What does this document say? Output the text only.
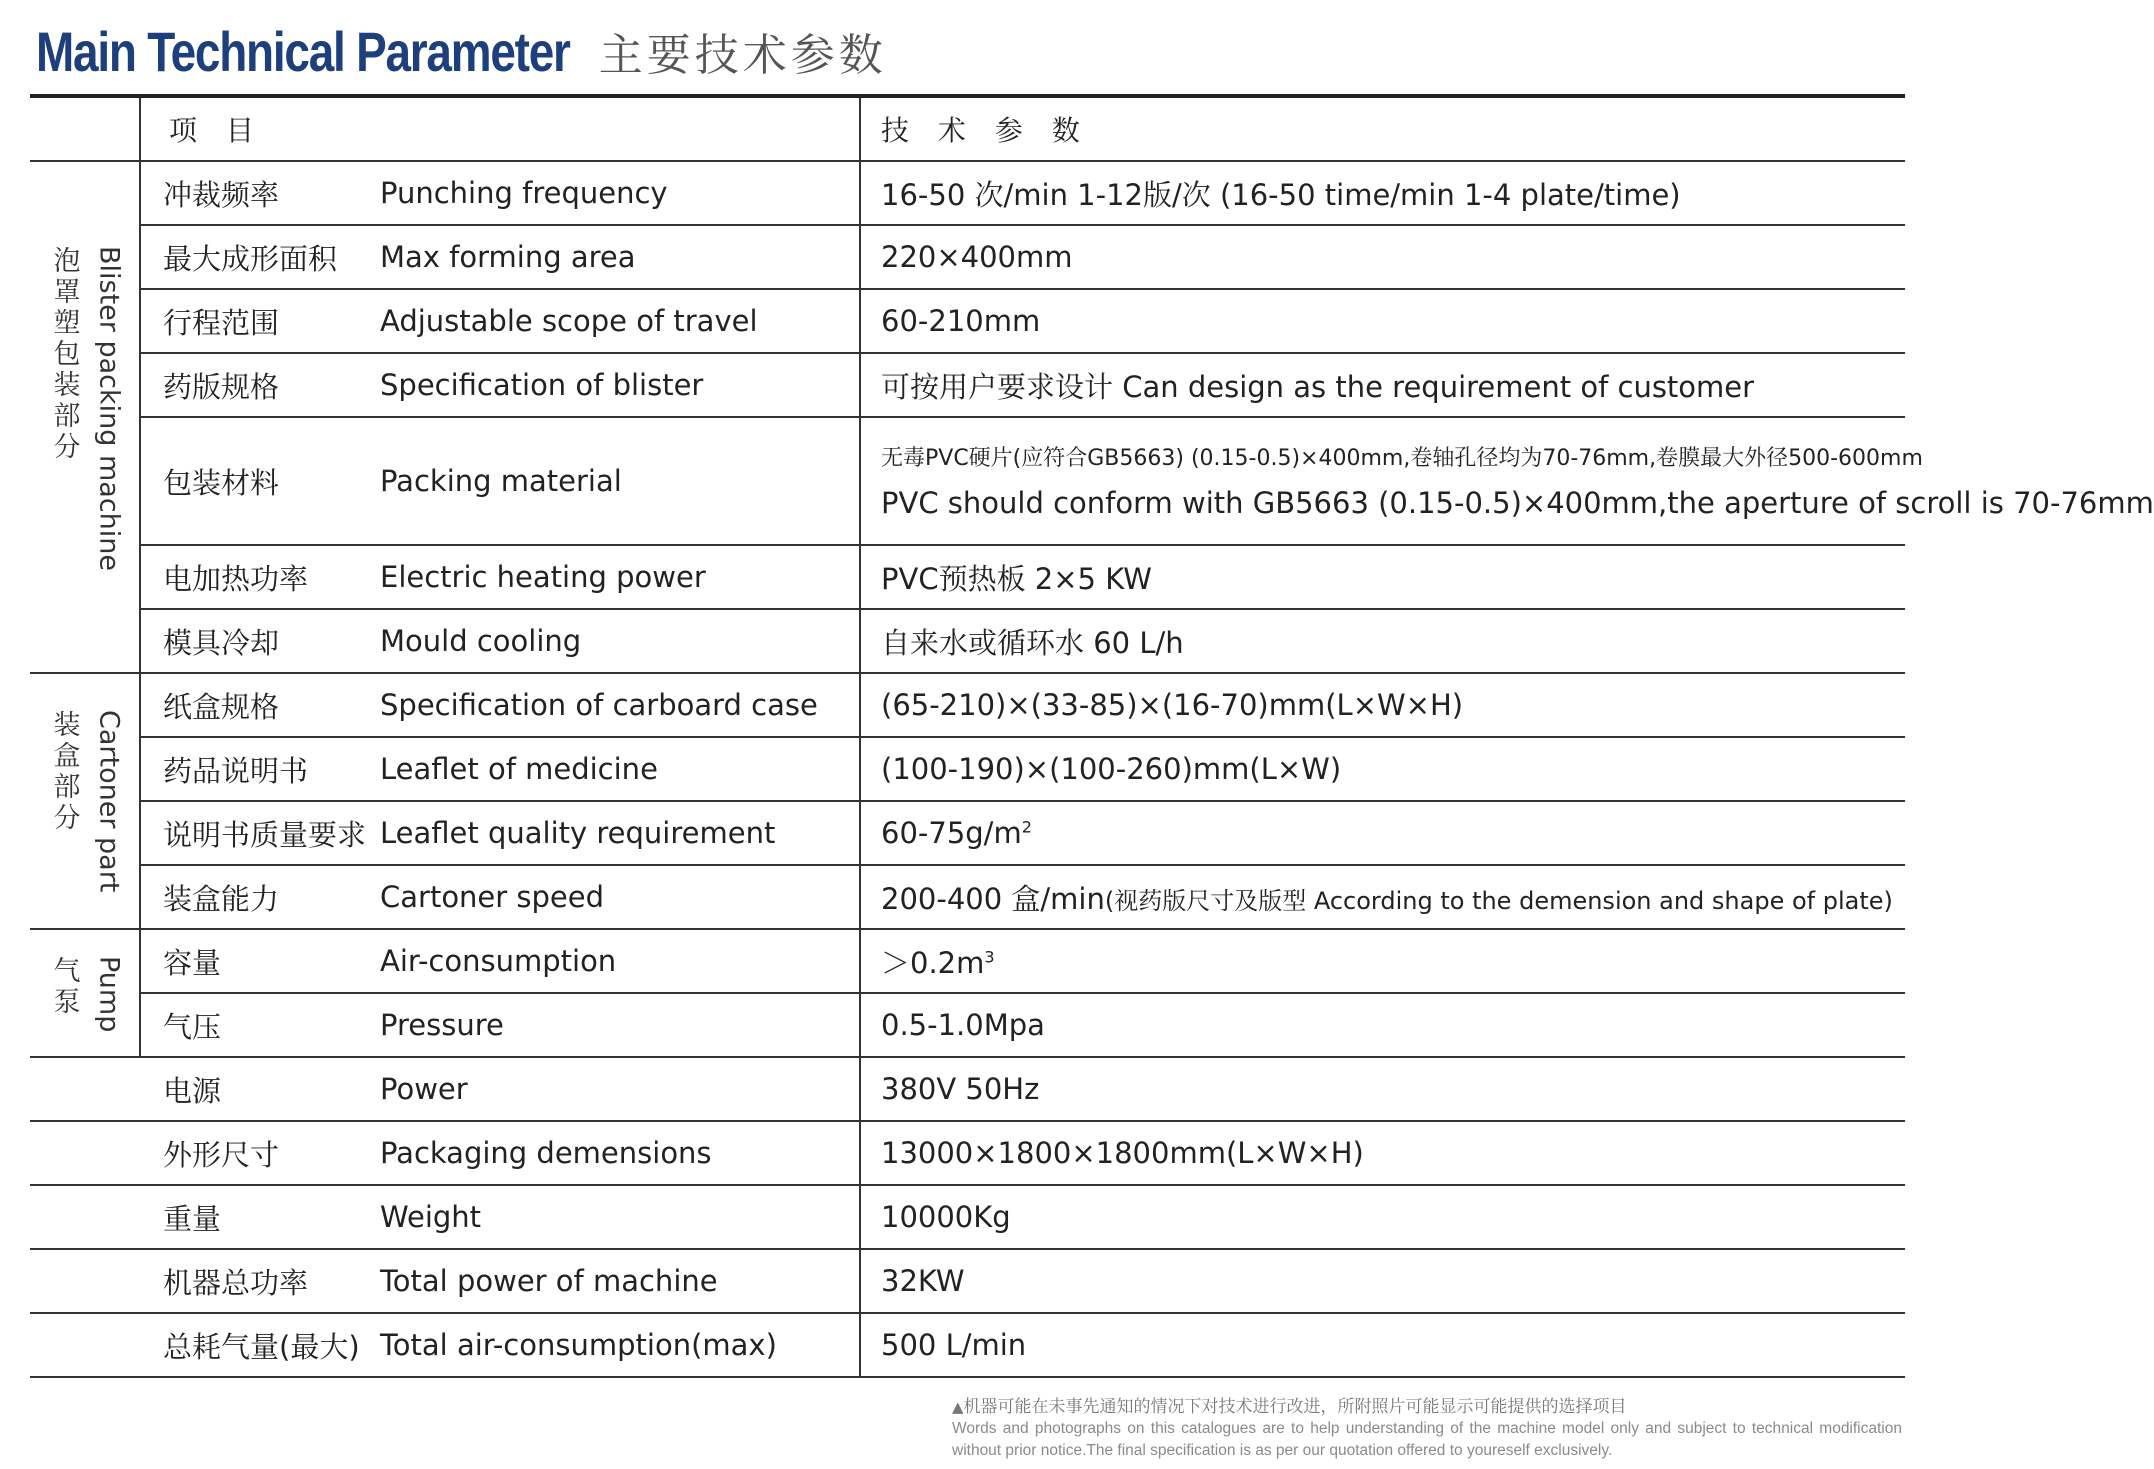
Main Technical Parameter 主要技术参数
	项 目		技 术 参 数

泡罩塑包装部分 Blister packing machine	冲裁频率	Punching frequency	16-50 次/min 1-12版/次 (16-50 time/min 1-4 plate/time)
	最大成形面积	Max forming area	220×400mm
	行程范围	Adjustable scope of travel	60-210mm
	药版规格	Specification of blister	可按用户要求设计 Can design as the requirement of customer
	包装材料	Packing material	无毒PVC硬片(应符合GB5663) (0.15-0.5)×400mm,卷轴孔径均为70-76mm,卷膜最大外径500-600mm
PVC should conform with GB5663 (0.15-0.5)×400mm,the aperture of scroll is 70-76mm

	电加热功率	Electric heating power	PVC预热板 2×5 KW
	模具冷却	Mould cooling	自来水或循环水 60 L/h

装盒部分 Cartoner part	纸盒规格	Specification of carboard case	(65-210)×(33-85)×(16-70)mm(L×W×H)
	药品说明书	Leaflet of medicine	(100-190)×(100-260)mm(L×W)
	说明书质量要求	Leaflet quality requirement	$60-75g/m^2$
	装盒能力	Cartoner speed	200-400 盒/min(视药版尺寸及版型 According to the demension and shape of plate)

气泵 Pump	容量	Air-consumption	$>0.2m^3$
	气压	Pressure	0.5-1.0Mpa
	电源	Power	380V 50Hz
	外形尺寸	Packaging demensions	13000×1800×1800mm(L×W×H)
	重量	Weight	10000Kg
	机器总功率	Total power of machine	32KW
	总耗气量(最大)	Total air-consumption(max)	500 L/min
▲机器可能在未事先通知的情况下对技术进行改进，所附照片可能显示可能提供的选择项目
Words and photographs on this catalogues are to help understanding of the machine model only and subject to technical modification without prior notice.The final specification is as per our quotation offered to youreself exclusively.
